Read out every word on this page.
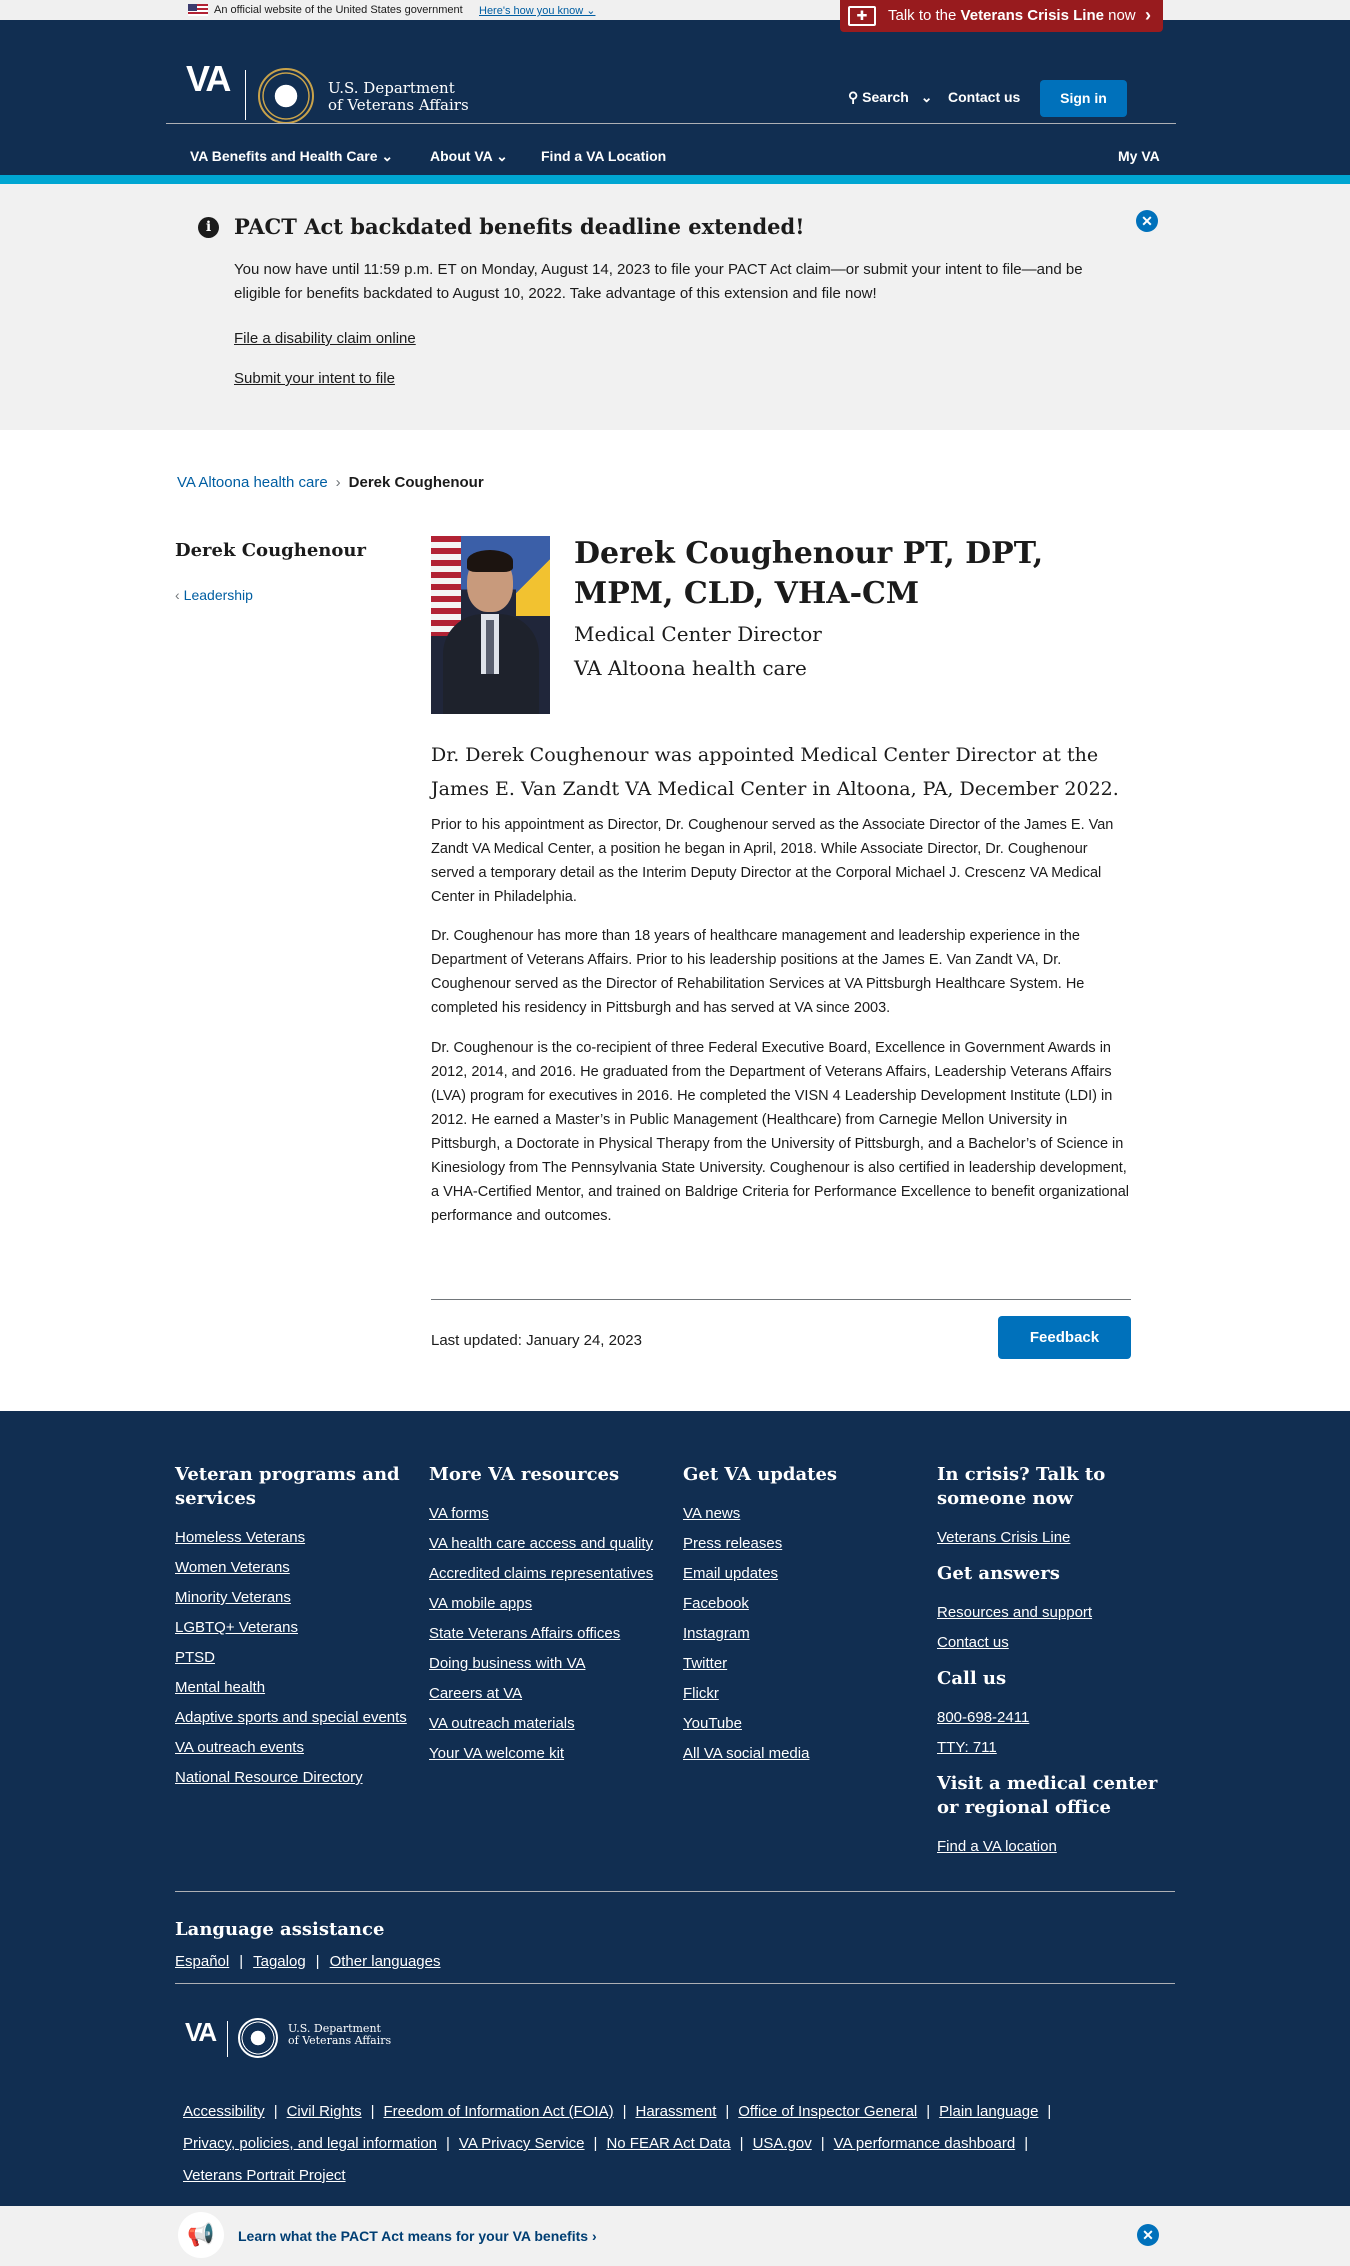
An official website of the United States government Here's how you know ⌄	✚	Talk to the Veterans Crisis Line now ›
VA	U.S. Department
of Veterans Affairs	⚲ Search ⌄ Contact us	Sign in
VA Benefits and Health Care ⌄	About VA ⌄ Find a VA Location	My VA
i	PACT Act backdated benefits deadline extended!

You now have until 11:59 p.m. ET on Monday, August 14, 2023 to file your PACT Act claim—or submit your intent to file—and be eligible for benefits backdated to August 10, 2022. Take advantage of this extension and file now!

File a disability claim online
Submit your intent to file
✕
VA Altoona health care › Derek Coughenour
Derek Coughenour
‹ Leadership
Derek Coughenour PT, DPT, MPM, CLD, VHA-CM
Medical Center Director
VA Altoona health care
Dr. Derek Coughenour was appointed Medical Center Director at the James E. Van Zandt VA Medical Center in Altoona, PA, December 2022.

Prior to his appointment as Director, Dr. Coughenour served as the Associate Director of the James E. Van Zandt VA Medical Center, a position he began in April, 2018. While Associate Director, Dr. Coughenour served a temporary detail as the Interim Deputy Director at the Corporal Michael J. Crescenz VA Medical Center in Philadelphia.

Dr. Coughenour has more than 18 years of healthcare management and leadership experience in the Department of Veterans Affairs. Prior to his leadership positions at the James E. Van Zandt VA, Dr. Coughenour served as the Director of Rehabilitation Services at VA Pittsburgh Healthcare System. He completed his residency in Pittsburgh and has served at VA since 2003.

Dr. Coughenour is the co-recipient of three Federal Executive Board, Excellence in Government Awards in 2012, 2014, and 2016. He graduated from the Department of Veterans Affairs, Leadership Veterans Affairs (LVA) program for executives in 2016. He completed the VISN 4 Leadership Development Institute (LDI) in 2012. He earned a Master’s in Public Management (Healthcare) from Carnegie Mellon University in Pittsburgh, a Doctorate in Physical Therapy from the University of Pittsburgh, and a Bachelor’s of Science in Kinesiology from The Pennsylvania State University. Coughenour is also certified in leadership development, a VHA-Certified Mentor, and trained on Baldrige Criteria for Performance Excellence to benefit organizational performance and outcomes.

Last updated: January 24, 2023	Feedback
Veteran programs and services
Homeless Veterans
Women Veterans
Minority Veterans
LGBTQ+ Veterans
PTSD
Mental health
Adaptive sports and special events
VA outreach events
National Resource Directory
More VA resources
VA forms
VA health care access and quality
Accredited claims representatives
VA mobile apps
State Veterans Affairs offices
Doing business with VA
Careers at VA
VA outreach materials
Your VA welcome kit
Get VA updates
VA news
Press releases
Email updates
Facebook
Instagram
Twitter
Flickr
YouTube
All VA social media
In crisis? Talk to someone now
Veterans Crisis Line
Get answers
Resources and support
Contact us
Call us
800-698-2411
TTY: 711
Visit a medical center or regional office
Find a VA location
Language assistance
Español | Tagalog | Other languages
VA	U.S. Department
of Veterans Affairs
Accessibility | Civil Rights | Freedom of Information Act (FOIA) | Harassment | Office of Inspector General | Plain language |
Privacy, policies, and legal information | VA Privacy Service | No FEAR Act Data | USA.gov | VA performance dashboard |
Veterans Portrait Project
📢	Learn what the PACT Act means for your VA benefits ›	✕
